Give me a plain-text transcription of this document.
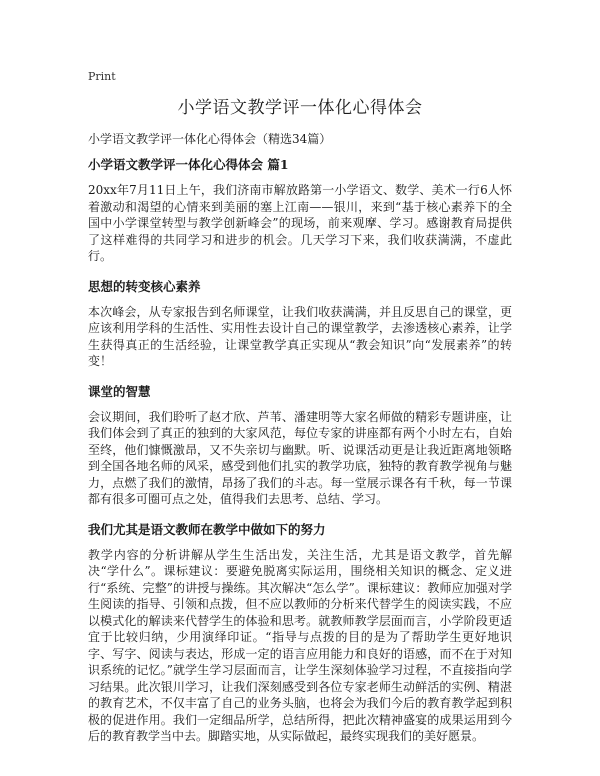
Print
小学语文教学评一体化心得体会
小学语文教学评一体化心得体会（精选34篇）
小学语文教学评一体化心得体会 篇1

20xx年7月11日上午，我们济南市解放路第一小学语文、数学、美术一行6人怀着激动和渴望的心情来到美丽的塞上江南——银川，来到“基于核心素养下的全国中小学课堂转型与教学创新峰会”的现场，前来观摩、学习。感谢教育局提供了这样难得的共同学习和进步的机会。几天学习下来，我们收获满满，不虚此行。

思想的转变核心素养

本次峰会，从专家报告到名师课堂，让我们收获满满，并且反思自己的课堂，更应该利用学科的生活性、实用性去设计自己的课堂教学，去渗透核心素养，让学生获得真正的生活经验，让课堂教学真正实现从“教会知识”向“发展素养”的转变！

课堂的智慧

会议期间，我们聆听了赵才欣、芦苇、潘建明等大家名师做的精彩专题讲座，让我们体会到了真正的独到的大家风范，每位专家的讲座都有两个小时左右，自始至终，他们慷慨激昂，又不失亲切与幽默。听、说课活动更是让我近距离地领略到全国各地名师的风采，感受到他们扎实的教学功底，独特的教育教学视角与魅力，点燃了我们的激情，昂扬了我们的斗志。每一堂展示课各有千秋，每一节课都有很多可圈可点之处，值得我们去思考、总结、学习。

我们尤其是语文教师在教学中做如下的努力

教学内容的分析讲解从学生生活出发，关注生活，尤其是语文教学，首先解决“学什么”。课标建议：要避免脱离实际运用，围绕相关知识的概念、定义进行“系统、完整”的讲授与操练。其次解决“怎么学”。课标建议：教师应加强对学生阅读的指导、引领和点拨，但不应以教师的分析来代替学生的阅读实践，不应以模式化的解读来代替学生的体验和思考。就教师教学层面而言，小学阶段更适宜于比较归纳，少用演绎印证。“指导与点拨的目的是为了帮助学生更好地识字、写字、阅读与表达，形成一定的语言应用能力和良好的语感，而不在于对知识系统的记忆。”就学生学习层面而言，让学生深刻体验学习过程，不直接指向学习结果。此次银川学习，让我们深刻感受到各位专家老师生动鲜活的实例、精湛的教育艺术，不仅丰富了自己的业务头脑，也将会为我们今后的教育教学起到积极的促进作用。我们一定细品所学，总结所得，把此次精神盛宴的成果运用到今后的教育教学当中去。脚踏实地，从实际做起，最终实现我们的美好愿景。
